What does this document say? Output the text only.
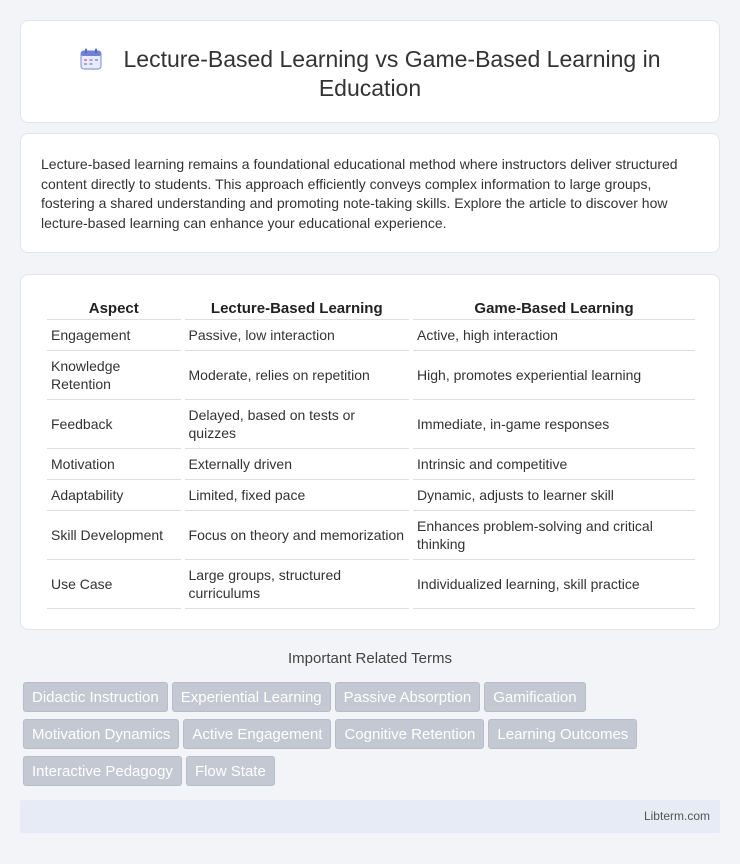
Lecture-Based Learning vs Game-Based Learning in Education

Lecture-based learning remains a foundational educational method where instructors deliver structured content directly to students. This approach efficiently conveys complex information to large groups, fostering a shared understanding and promoting note-taking skills. Explore the article to discover how lecture-based learning can enhance your educational experience.

Aspect	Lecture-Based Learning	Game-Based Learning
Engagement	Passive, low interaction	Active, high interaction
Knowledge Retention	Moderate, relies on repetition	High, promotes experiential learning
Feedback	Delayed, based on tests or quizzes	Immediate, in-game responses
Motivation	Externally driven	Intrinsic and competitive
Adaptability	Limited, fixed pace	Dynamic, adjusts to learner skill
Skill Development	Focus on theory and memorization	Enhances problem-solving and critical thinking
Use Case	Large groups, structured curriculums	Individualized learning, skill practice
Important Related Terms
Didactic Instruction Experiential Learning Passive Absorption Gamification
Motivation Dynamics Active Engagement Cognitive Retention Learning Outcomes
Interactive Pedagogy Flow State
Libterm.com
